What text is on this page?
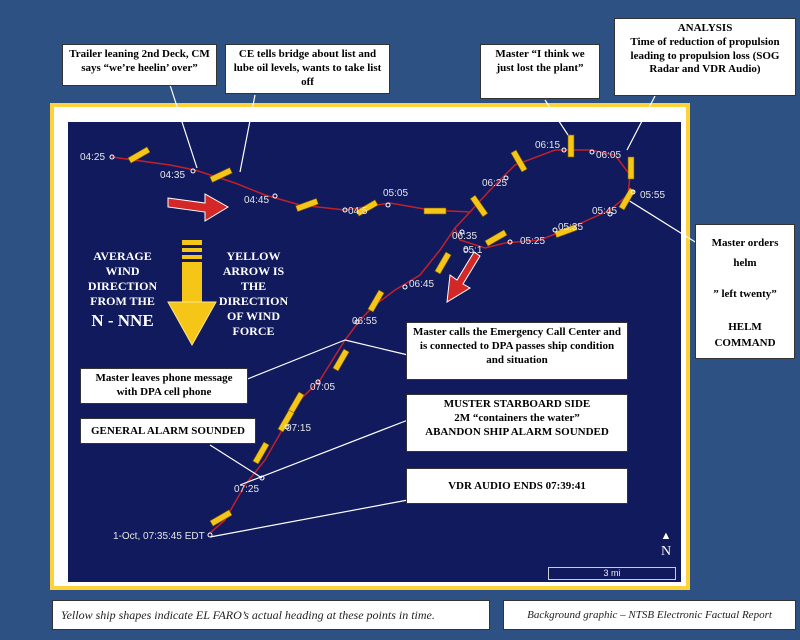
04:25
04:35
04:45
04:5
05:05
06:25
06:15
06:05
05:55
05:45
05:35
05:25
06:35
05:1
06:45
06:55
07:05
07:15
07:25
1-Oct, 07:35:45 EDT
AVERAGE
WIND
DIRECTION
FROM THE
N - NNE
YELLOW
ARROW IS
THE
DIRECTION
OF WIND
FORCE
Trailer leaning 2nd Deck, CM says “we’re heelin’ over”
CE tells bridge about list and lube oil levels, wants to take list off
Master “I think we just lost the plant”
ANALYSIS
Time of reduction of propulsion leading to propulsion loss (SOG Radar and VDR Audio)
Master calls the Emergency Call Center and is connected to DPA passes ship condition and situation
Master leaves phone message with DPA cell phone
GENERAL ALARM SOUNDED
MUSTER STARBOARD SIDE
2M “containers the water”
ABANDON SHIP ALARM SOUNDED
VDR AUDIO ENDS 07:39:41
Master orders
helm
” left twenty”
HELM
COMMAND
▲
N
3 mi
Yellow ship shapes indicate EL FARO’s actual heading at these points in time.	Background graphic – NTSB Electronic Factual Report
